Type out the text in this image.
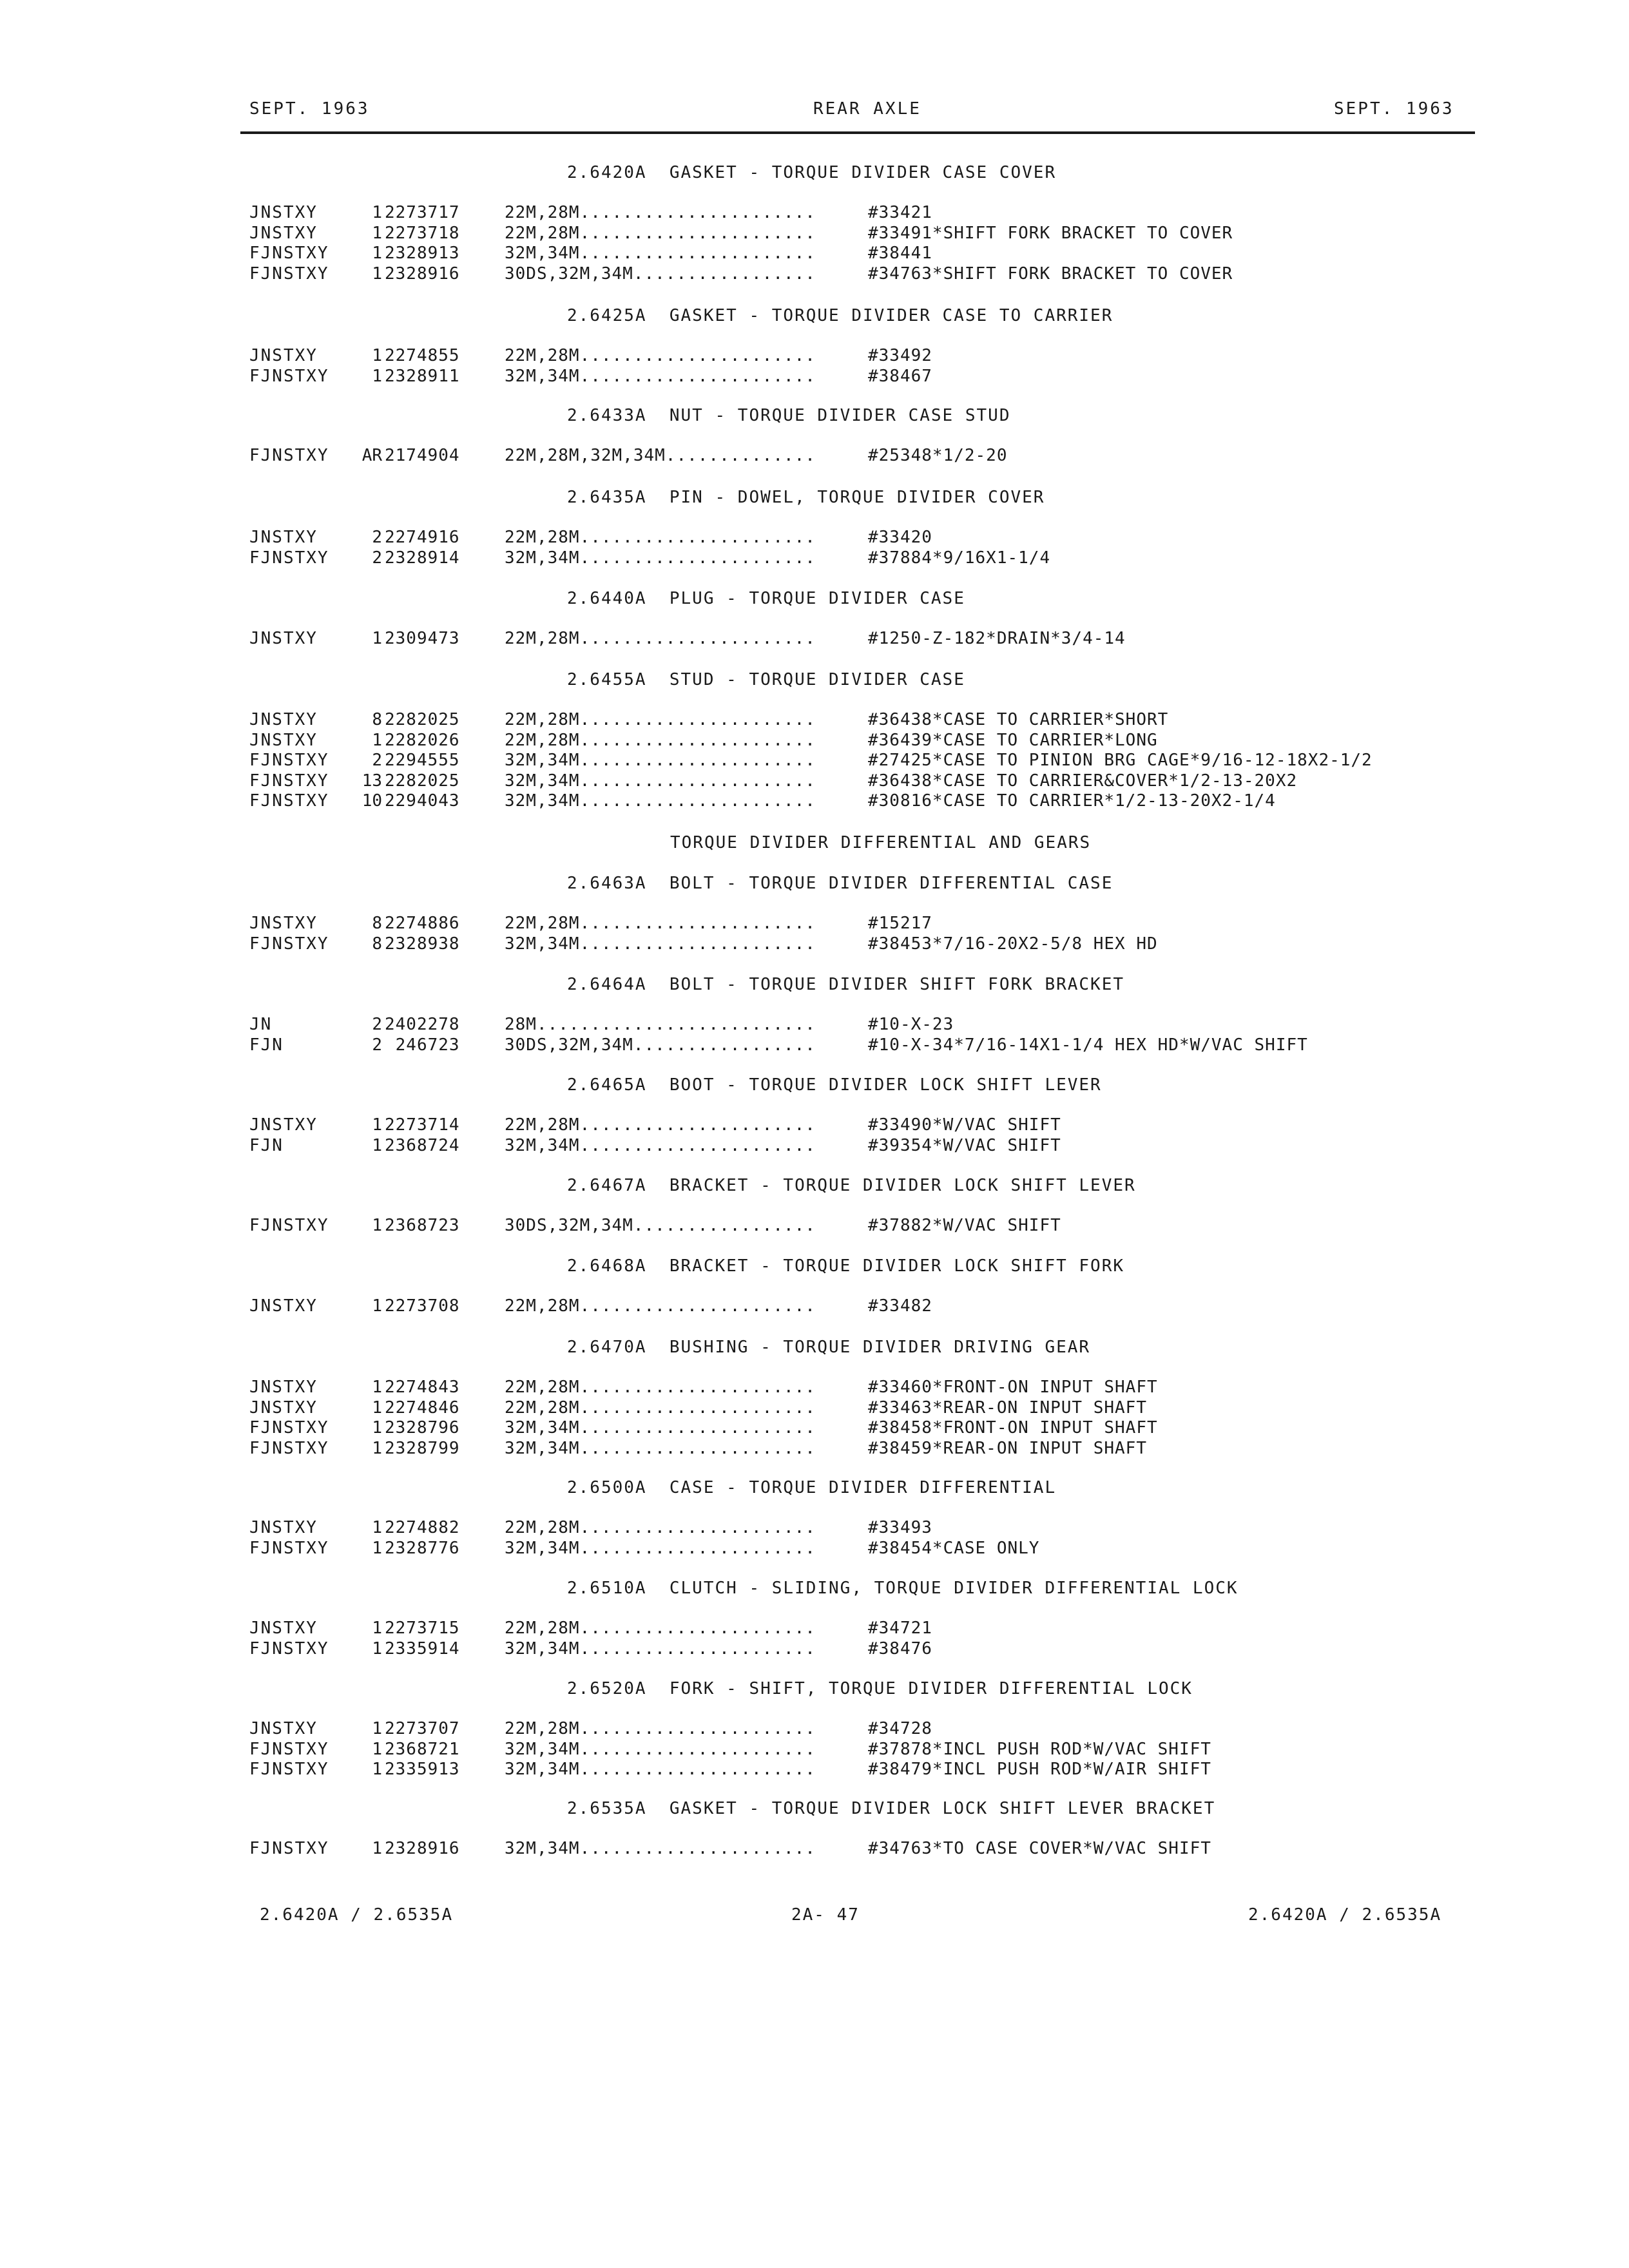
SEPT. 1963	REAR AXLE	SEPT. 1963
2.6420A  GASKET - TORQUE DIVIDER CASE COVER
JNSTXY	1 2273717	22M,28M......................	#33421
JNSTXY	1 2273718	22M,28M......................	#33491*SHIFT FORK BRACKET TO COVER
FJNSTXY	1 2328913	32M,34M......................	#38441
FJNSTXY	1 2328916	30DS,32M,34M.................	#34763*SHIFT FORK BRACKET TO COVER
2.6425A  GASKET - TORQUE DIVIDER CASE TO CARRIER
JNSTXY	1 2274855	22M,28M......................	#33492
FJNSTXY	1 2328911	32M,34M......................	#38467
2.6433A  NUT - TORQUE DIVIDER CASE STUD
FJNSTXY AR 2174904	22M,28M,32M,34M..............	#25348*1/2-20
2.6435A  PIN - DOWEL, TORQUE DIVIDER COVER
JNSTXY	2 2274916	22M,28M......................	#33420
FJNSTXY	2 2328914	32M,34M......................	#37884*9/16X1-1/4
2.6440A  PLUG - TORQUE DIVIDER CASE
JNSTXY	1 2309473	22M,28M......................	#1250-Z-182*DRAIN*3/4-14
2.6455A  STUD - TORQUE DIVIDER CASE
JNSTXY	8 2282025	22M,28M......................	#36438*CASE TO CARRIER*SHORT
JNSTXY	1 2282026	22M,28M......................	#36439*CASE TO CARRIER*LONG
FJNSTXY	2 2294555	32M,34M......................	#27425*CASE TO PINION BRG CAGE*9/16-12-18X2-1/2
FJNSTXY 13 2282025	32M,34M......................	#36438*CASE TO CARRIER&COVER*1/2-13-20X2
FJNSTXY 10 2294043	32M,34M......................	#30816*CASE TO CARRIER*1/2-13-20X2-1/4
TORQUE DIVIDER DIFFERENTIAL AND GEARS
2.6463A  BOLT - TORQUE DIVIDER DIFFERENTIAL CASE
JNSTXY	8 2274886	22M,28M......................	#15217
FJNSTXY	8 2328938	32M,34M......................	#38453*7/16-20X2-5/8 HEX HD
2.6464A  BOLT - TORQUE DIVIDER SHIFT FORK BRACKET
JN	2 2402278	28M..........................	#10-X-23
FJN	2 246723	30DS,32M,34M.................	#10-X-34*7/16-14X1-1/4 HEX HD*W/VAC SHIFT
2.6465A  BOOT - TORQUE DIVIDER LOCK SHIFT LEVER
JNSTXY	1 2273714	22M,28M......................	#33490*W/VAC SHIFT
FJN	1 2368724	32M,34M......................	#39354*W/VAC SHIFT
2.6467A  BRACKET - TORQUE DIVIDER LOCK SHIFT LEVER
FJNSTXY	1 2368723	30DS,32M,34M.................	#37882*W/VAC SHIFT
2.6468A  BRACKET - TORQUE DIVIDER LOCK SHIFT FORK
JNSTXY	1 2273708	22M,28M......................	#33482
2.6470A  BUSHING - TORQUE DIVIDER DRIVING GEAR
JNSTXY	1 2274843	22M,28M......................	#33460*FRONT-ON INPUT SHAFT
JNSTXY	1 2274846	22M,28M......................	#33463*REAR-ON INPUT SHAFT
FJNSTXY	1 2328796	32M,34M......................	#38458*FRONT-ON INPUT SHAFT
FJNSTXY	1 2328799	32M,34M......................	#38459*REAR-ON INPUT SHAFT
2.6500A  CASE - TORQUE DIVIDER DIFFERENTIAL
JNSTXY	1 2274882	22M,28M......................	#33493
FJNSTXY	1 2328776	32M,34M......................	#38454*CASE ONLY
2.6510A  CLUTCH - SLIDING, TORQUE DIVIDER DIFFERENTIAL LOCK
JNSTXY	1 2273715	22M,28M......................	#34721
FJNSTXY	1 2335914	32M,34M......................	#38476
2.6520A  FORK - SHIFT, TORQUE DIVIDER DIFFERENTIAL LOCK
JNSTXY	1 2273707	22M,28M......................	#34728
FJNSTXY	1 2368721	32M,34M......................	#37878*INCL PUSH ROD*W/VAC SHIFT
FJNSTXY	1 2335913	32M,34M......................	#38479*INCL PUSH ROD*W/AIR SHIFT
2.6535A  GASKET - TORQUE DIVIDER LOCK SHIFT LEVER BRACKET
FJNSTXY	1 2328916	32M,34M......................	#34763*TO CASE COVER*W/VAC SHIFT
2.6420A / 2.6535A	2A- 47	2.6420A / 2.6535A
